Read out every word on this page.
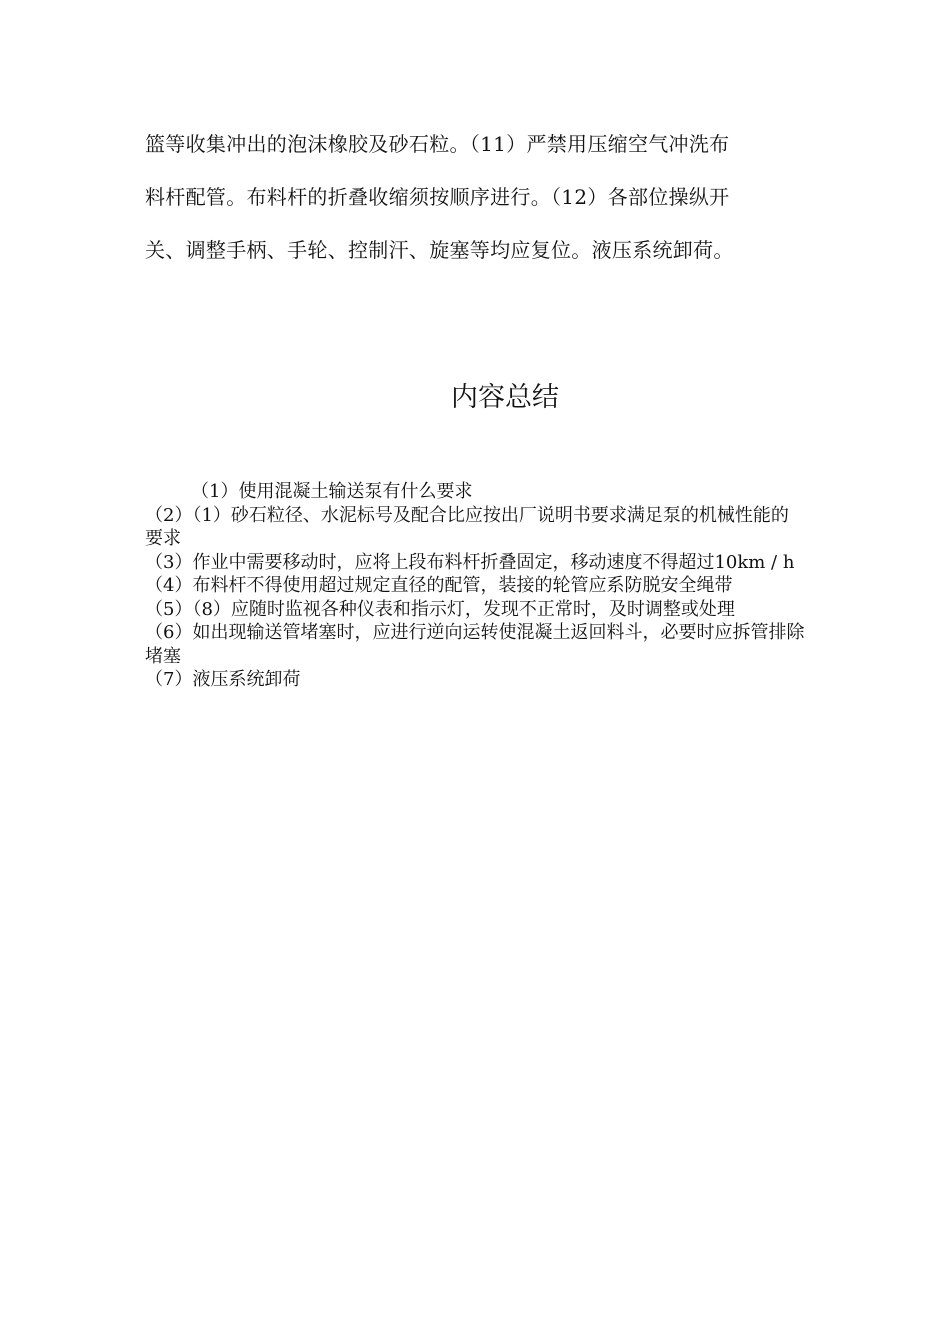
篮等收集冲出的泡沫橡胶及砂石粒。（11）严禁用压缩空气冲洗布

料杆配管。布料杆的折叠收缩须按顺序进行。（12）各部位操纵开

关、调整手柄、手轮、控制汗、旋塞等均应复位。液压系统卸荷。

内容总结

（1）使用混凝土输送泵有什么要求

（2）（1）砂石粒径、水泥标号及配合比应按出厂说明书要求满足泵的机械性能的要求

（3）作业中需要移动时，应将上段布料杆折叠固定，移动速度不得超过10km / h

（4）布料杆不得使用超过规定直径的配管，装接的轮管应系防脱安全绳带

（5）（8）应随时监视各种仪表和指示灯，发现不正常时，及时调整或处理

（6）如出现输送管堵塞时，应进行逆向运转使混凝土返回料斗，必要时应拆管排除堵塞

（7）液压系统卸荷
